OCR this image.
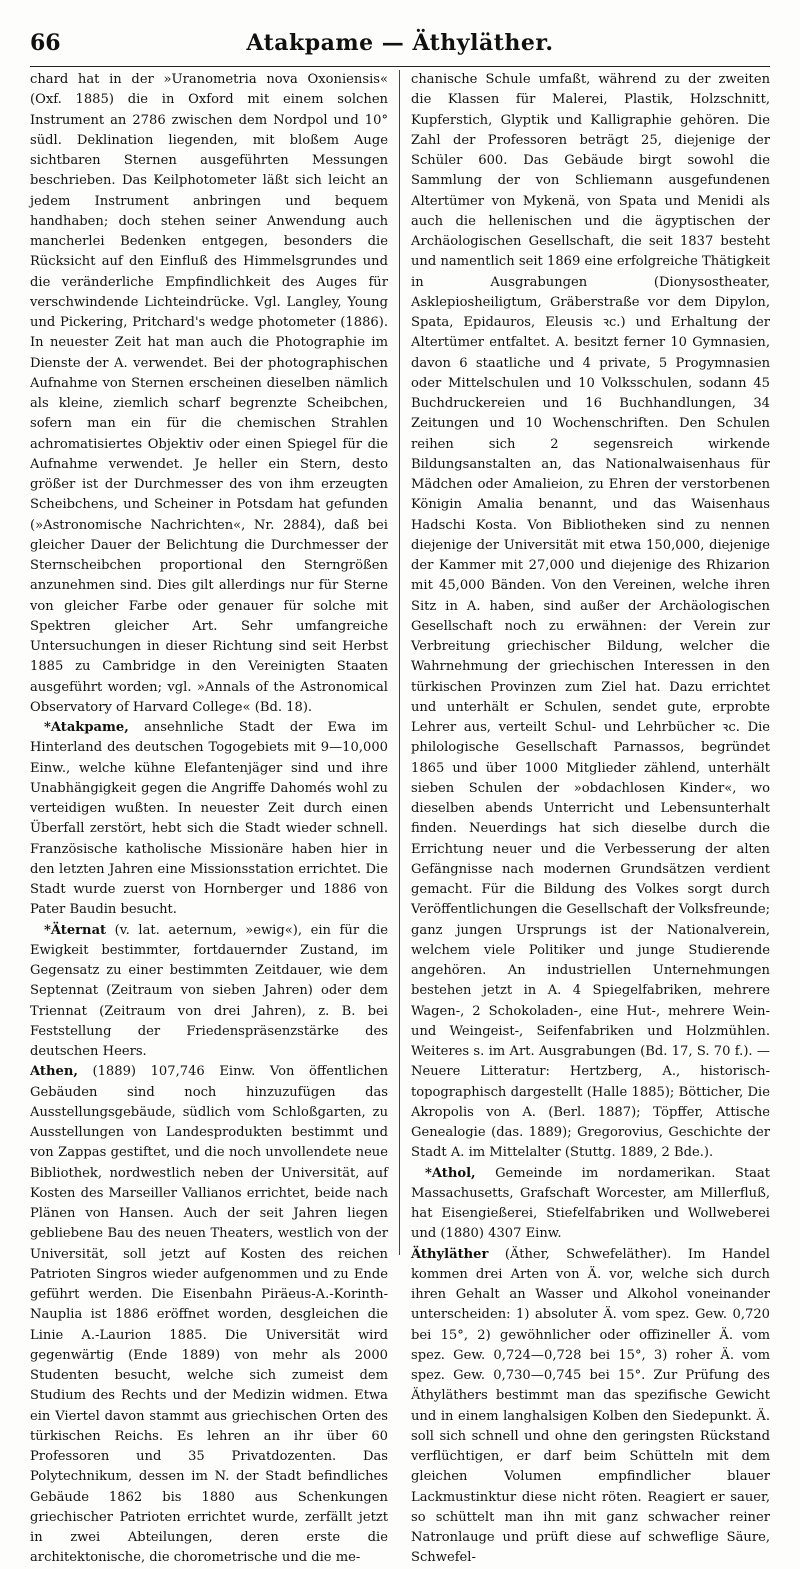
66	Atakpame — Äthyläther.

chard hat in der »Uranometria nova Oxoniensis« (Oxf. 1885) die in Oxford mit einem solchen Instrument an 2786 zwischen dem Nordpol und 10° südl. Deklination liegenden, mit bloßem Auge sichtbaren Sternen ausgeführten Messungen beschrieben. Das Keilphotometer läßt sich leicht an jedem Instrument anbringen und bequem handhaben; doch stehen seiner Anwendung auch mancherlei Bedenken entgegen, besonders die Rücksicht auf den Einfluß des Himmelsgrundes und die veränderliche Empfindlichkeit des Auges für verschwindende Lichteindrücke. Vgl. Langley, Young und Pickering, Pritchard's wedge photometer (1886). In neuester Zeit hat man auch die Photographie im Dienste der A. verwendet. Bei der photographischen Aufnahme von Sternen erscheinen dieselben nämlich als kleine, ziemlich scharf begrenzte Scheibchen, sofern man ein für die chemischen Strahlen achromatisiertes Objektiv oder einen Spiegel für die Aufnahme verwendet. Je heller ein Stern, desto größer ist der Durchmesser des von ihm erzeugten Scheibchens, und Scheiner in Potsdam hat gefunden (»Astronomische Nachrichten«, Nr. 2884), daß bei gleicher Dauer der Belichtung die Durchmesser der Sternscheibchen proportional den Sterngrößen anzunehmen sind. Dies gilt allerdings nur für Sterne von gleicher Farbe oder genauer für solche mit Spektren gleicher Art. Sehr umfangreiche Untersuchungen in dieser Richtung sind seit Herbst 1885 zu Cambridge in den Vereinigten Staaten ausgeführt worden; vgl. »Annals of the Astronomical Observatory of Harvard College« (Bd. 18).

*Atakpame, ansehnliche Stadt der Ewa im Hinterland des deutschen Togogebiets mit 9—10,000 Einw., welche kühne Elefantenjäger sind und ihre Unabhängigkeit gegen die Angriffe Dahomés wohl zu verteidigen wußten. In neuester Zeit durch einen Überfall zerstört, hebt sich die Stadt wieder schnell. Französische katholische Missionäre haben hier in den letzten Jahren eine Missionsstation errichtet. Die Stadt wurde zuerst von Hornberger und 1886 von Pater Baudin besucht.

*Äternat (v. lat. aeternum, »ewig«), ein für die Ewigkeit bestimmter, fortdauernder Zustand, im Gegensatz zu einer bestimmten Zeitdauer, wie dem Septennat (Zeitraum von sieben Jahren) oder dem Triennat (Zeitraum von drei Jahren), z. B. bei Feststellung der Friedenspräsenzstärke des deutschen Heers.

Athen, (1889) 107,746 Einw. Von öffentlichen Gebäuden sind noch hinzuzufügen das Ausstellungsgebäude, südlich vom Schloßgarten, zu Ausstellungen von Landesprodukten bestimmt und von Zappas gestiftet, und die noch unvollendete neue Bibliothek, nordwestlich neben der Universität, auf Kosten des Marseiller Vallianos errichtet, beide nach Plänen von Hansen. Auch der seit Jahren liegen gebliebene Bau des neuen Theaters, westlich von der Universität, soll jetzt auf Kosten des reichen Patrioten Singros wieder aufgenommen und zu Ende geführt werden. Die Eisenbahn Piräeus-A.-Korinth-Nauplia ist 1886 eröffnet worden, desgleichen die Linie A.-Laurion 1885. Die Universität wird gegenwärtig (Ende 1889) von mehr als 2000 Studenten besucht, welche sich zumeist dem Studium des Rechts und der Medizin widmen. Etwa ein Viertel davon stammt aus griechischen Orten des türkischen Reichs. Es lehren an ihr über 60 Professoren und 35 Privatdozenten. Das Polytechnikum, dessen im N. der Stadt befindliches Gebäude 1862 bis 1880 aus Schenkungen griechischer Patrioten errichtet wurde, zerfällt jetzt in zwei Abteilungen, deren erste die architektonische, die chorometrische und die me-

chanische Schule umfaßt, während zu der zweiten die Klassen für Malerei, Plastik, Holzschnitt, Kupferstich, Glyptik und Kalligraphie gehören. Die Zahl der Professoren beträgt 25, diejenige der Schüler 600. Das Gebäude birgt sowohl die Sammlung der von Schliemann ausgefundenen Altertümer von Mykenä, von Spata und Menidi als auch die hellenischen und die ägyptischen der Archäologischen Gesellschaft, die seit 1837 besteht und namentlich seit 1869 eine erfolgreiche Thätigkeit in Ausgrabungen (Dionysostheater, Asklepiosheiligtum, Gräberstraße vor dem Dipylon, Spata, Epidauros, Eleusis ꝛc.) und Erhaltung der Altertümer entfaltet. A. besitzt ferner 10 Gymnasien, davon 6 staatliche und 4 private, 5 Progymnasien oder Mittelschulen und 10 Volksschulen, sodann 45 Buchdruckereien und 16 Buchhandlungen, 34 Zeitungen und 10 Wochenschriften. Den Schulen reihen sich 2 segensreich wirkende Bildungsanstalten an, das Nationalwaisenhaus für Mädchen oder Amalieion, zu Ehren der verstorbenen Königin Amalia benannt, und das Waisenhaus Hadschi Kosta. Von Bibliotheken sind zu nennen diejenige der Universität mit etwa 150,000, diejenige der Kammer mit 27,000 und diejenige des Rhizarion mit 45,000 Bänden. Von den Vereinen, welche ihren Sitz in A. haben, sind außer der Archäologischen Gesellschaft noch zu erwähnen: der Verein zur Verbreitung griechischer Bildung, welcher die Wahrnehmung der griechischen Interessen in den türkischen Provinzen zum Ziel hat. Dazu errichtet und unterhält er Schulen, sendet gute, erprobte Lehrer aus, verteilt Schul- und Lehrbücher ꝛc. Die philologische Gesellschaft Parnassos, begründet 1865 und über 1000 Mitglieder zählend, unterhält sieben Schulen der »obdachlosen Kinder«, wo dieselben abends Unterricht und Lebensunterhalt finden. Neuerdings hat sich dieselbe durch die Errichtung neuer und die Verbesserung der alten Gefängnisse nach modernen Grundsätzen verdient gemacht. Für die Bildung des Volkes sorgt durch Veröffentlichungen die Gesellschaft der Volksfreunde; ganz jungen Ursprungs ist der Nationalverein, welchem viele Politiker und junge Studierende angehören. An industriellen Unternehmungen bestehen jetzt in A. 4 Spiegelfabriken, mehrere Wagen-, 2 Schokoladen-, eine Hut-, mehrere Wein- und Weingeist-, Seifenfabriken und Holzmühlen. Weiteres s. im Art. Ausgrabungen (Bd. 17, S. 70 f.). — Neuere Litteratur: Hertzberg, A., historisch-topographisch dargestellt (Halle 1885); Bötticher, Die Akropolis von A. (Berl. 1887); Töpffer, Attische Genealogie (das. 1889); Gregorovius, Geschichte der Stadt A. im Mittelalter (Stuttg. 1889, 2 Bde.).

*Athol, Gemeinde im nordamerikan. Staat Massachusetts, Grafschaft Worcester, am Millerfluß, hat Eisengießerei, Stiefelfabriken und Wollweberei und (1880) 4307 Einw.

Äthyläther (Äther, Schwefeläther). Im Handel kommen drei Arten von Ä. vor, welche sich durch ihren Gehalt an Wasser und Alkohol voneinander unterscheiden: 1) absoluter Ä. vom spez. Gew. 0,720 bei 15°, 2) gewöhnlicher oder offizineller Ä. vom spez. Gew. 0,724—0,728 bei 15°, 3) roher Ä. vom spez. Gew. 0,730—0,745 bei 15°. Zur Prüfung des Äthyläthers bestimmt man das spezifische Gewicht und in einem langhalsigen Kolben den Siedepunkt. Ä. soll sich schnell und ohne den geringsten Rückstand verflüchtigen, er darf beim Schütteln mit dem gleichen Volumen empfindlicher blauer Lackmustinktur diese nicht röten. Reagiert er sauer, so schüttelt man ihn mit ganz schwacher reiner Natronlauge und prüft diese auf schweflige Säure, Schwefel-
